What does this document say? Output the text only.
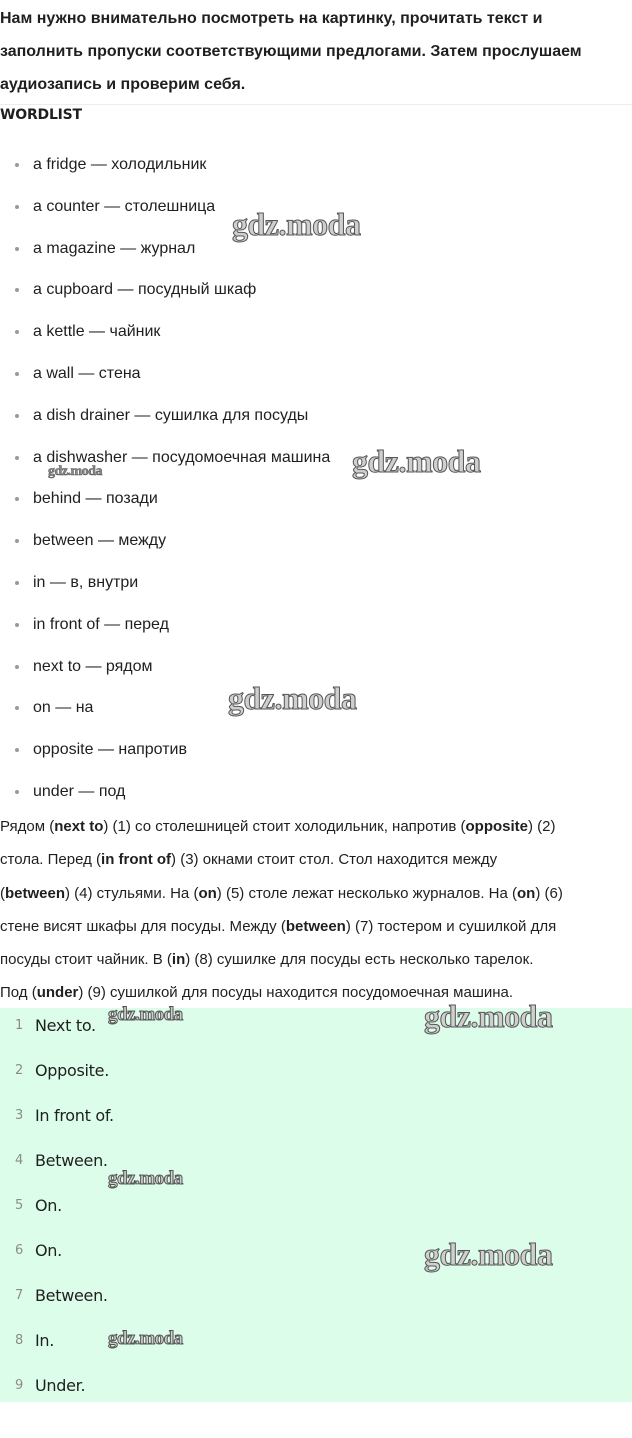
Нам нужно внимательно посмотреть на картинку, прочитать текст и заполнить пропуски соответствующими предлогами. Затем прослушаем аудиозапись и проверим себя.

WORDLIST
a fridge — холодильник
a counter — столешница
a magazine — журнал
a cupboard — посудный шкаф
a kettle — чайник
a wall — стена
a dish drainer — сушилка для посуды
a dishwasher — посудомоечная машина
behind — позади
between — между
in — в, внутри
in front of — перед
next to — рядом
on — на
opposite — напротив
under — под
Рядом (next to) (1) со столешницей стоит холодильник, напротив (opposite) (2)
стола. Перед (in front of) (3) окнами стоит стол. Стол находится между
(between) (4) стульями. На (on) (5) столе лежат несколько журналов. На (on) (6)
стене висят шкафы для посуды. Между (between) (7) тостером и сушилкой для
посуды стоит чайник. В (in) (8) сушилке для посуды есть несколько тарелок.
Под (under) (9) сушилкой для посуды находится посудомоечная машина.
1 Next to.
2 Opposite.
3 In front of.
4 Between.
5 On.
6 On.
7 Between.
8 In.
9 Under.
gdz.moda
gdz.moda
gdz.moda
gdz.moda
gdz.moda	gdz.moda
gdz.moda
gdz.moda
gdz.moda
